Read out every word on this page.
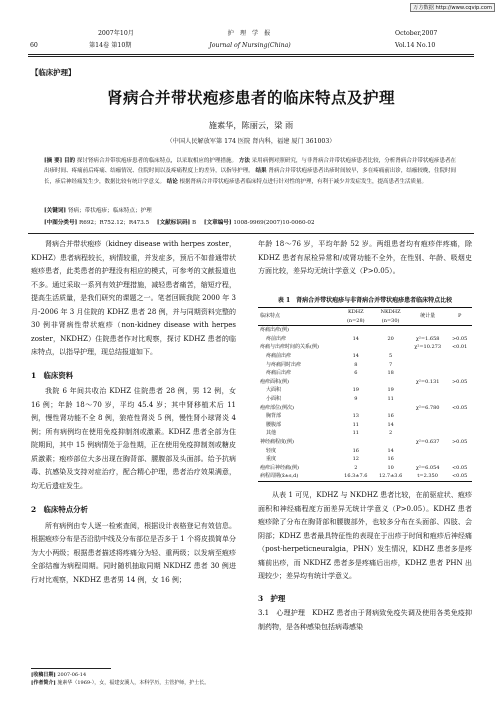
万方数据 http://www.cqvip.com
2007年10月
60	第14卷 第10期
护 理 学 报
Journal of Nursing(China)
October,2007
Vol.14 No.10
【临床护理】
肾病合并带状疱疹患者的临床特点及护理
施素华，陈丽云，梁 雨
（中国人民解放军第 174 医院 肾内科，福建 厦门 361003）
[摘 要] 目的 探讨肾病合并带状疱疹患者的临床特点，以采取相应的护理措施。 方法 采用病例对照研究，与非肾病合并带状疱疹患者比较，分析肾病合并带状疱疹患者在出疹时间、疼痛前后疼痛、结痂情况、住院时间以及疼痛程度上的差异，以指导护理。 结果 肾病合并带状疱疹患者出疹时间较早，多在疼痛前出诊，结痂较晚，住院时间长，疹后神经痛发生少，数据比较有统计学意义。 结论 根据肾病合并带状疱疹患者临床特点进行针对性的护理，有利于减少并发症发生，提高患者生活质量。
[关键词] 肾病；带状疱疹；临床特点；护理
[中图分类号] R692；R752.12；R473.5 [文献标识码] B [文章编号] 1008-9969(2007)10-0060-02

肾病合并带状疱疹（kidney disease with herpes zoster，KDHZ）患者病程较长，病情较重，并发症多，预后不如普通带状疱疹患者，此类患者的护理没有相应的模式，可参考的文献报道也不多。通过采取一系列有效护理措施，减轻患者痛苦，缩短疗程，提高生活质量，是我们研究的课题之一。笔者回顾我院 2000 年 3 月-2006 年 3 月住院的 KDHZ 患者 28 例，并与同期资料完整的 30 例非肾病性带状疱疹（non-kidney disease with herpes zoster，NKDHZ）住院患者作对比观察，探讨 KDHZ 患者的临床特点，以指导护理，现总结报道如下。

1　临床资料

我院 6 年间共收治 KDHZ 住院患者 28 例，男 12 例，女 16 例；年龄 18～70 岁，平均 45.4 岁；其中肾移植术后 11 例，慢性肾功能不全 8 例，狼疮性肾炎 5 例，慢性肾小球肾炎 4 例；所有病例均在使用免疫抑制剂或激素。KDHZ 患者全部为住院期间，其中 15 例病情处于急性期，正在使用免疫抑制剂或糖皮质激素；疱疹部位大多出现在胸背部、腰腹部及头面部。给予抗病毒、抗感染及支持对症治疗，配合精心护理，患者治疗效果满意，均无后遗症发生。

2　临床特点分析

所有病例由专人逐一检索查阅，根据设计表格登记有效信息。根据疱疹分布是否沿肋中线及分布部位是否多于 1 个将皮损简单分为大小两级；根据患者描述将疼痛分为轻、重两级；以发病至疱疹全部结痂为病程周期。同时随机抽取同期 NKDHZ 患者 30 例进行对比观察，NKDHZ 患者男 14 例，女 16 例；

[收稿日期] 2007-06-14
[作者简介] 施素华（1969-），女，福建安溪人，本科学历，主管护师，护士长。
年龄 18～76 岁，平均年龄 52 岁。两组患者均有疱疹伴疼痛，除 KDHZ 患者有尿检异常和/或肾功能不全外，在性别、年龄、吸烟史方面比较，差异均无统计学意义（P>0.05）。
表 1　肾病合并带状疱疹与非肾病合并带状疱疹患者临床特点比较
临床特点	KDHZ
(n=28)	NKDHZ
(n=30)	统计量	P
疼痛出疹(例)				
疼前出疹	14	20	χ²=1.658	>0.05
疼痛与出疹时间的关系(例)			χ²=10.273	<0.01
疼痛前出疹	14	5		
与疼痛同时出疹	8	7		
疼痛后出疹	6	18		
疱疹面积(例)			χ²=0.131	>0.05
大面积	19	19		
小面积	9	11		
疱疹部位(例次)			χ²=6.780	<0.05
胸背部	13	16		
腰腹部	11	14		
其他	11	2		
神经痛程度(例)			χ²=0.637	>0.05
轻度	16	14		
重度	12	16		
疱疹后神经痛(例)	2	10	χ²=6.054	<0.05
病程周期(x̄±s,d)	16.3±7.6	12.7±3.6	t=2.350	<0.05

从表 1 可见，KDHZ 与 NKDHZ 患者比较，在前驱症状、疱疹面积和神经痛程度方面差异无统计学意义（P>0.05）。KDHZ 患者疱疹除了分布在胸背部和腰腹部外，也较多分布在头面部、四肢、会阴部；KDHZ 患者最具特征性的表现在于出疹于时间和疱疹后神经痛（post-herpeticneuralgia，PHN）发生情况，KDHZ 患者多是疼痛前出疹，而 NKDHZ 患者多是疼痛后出疹，KDHZ 患者 PHN 出现较少；差异均有统计学意义。

3　护理

3.1　心理护理　 KDHZ 患者由于肾病致免疫失调及使用各类免疫抑制药物，是各种感染包括病毒感染
